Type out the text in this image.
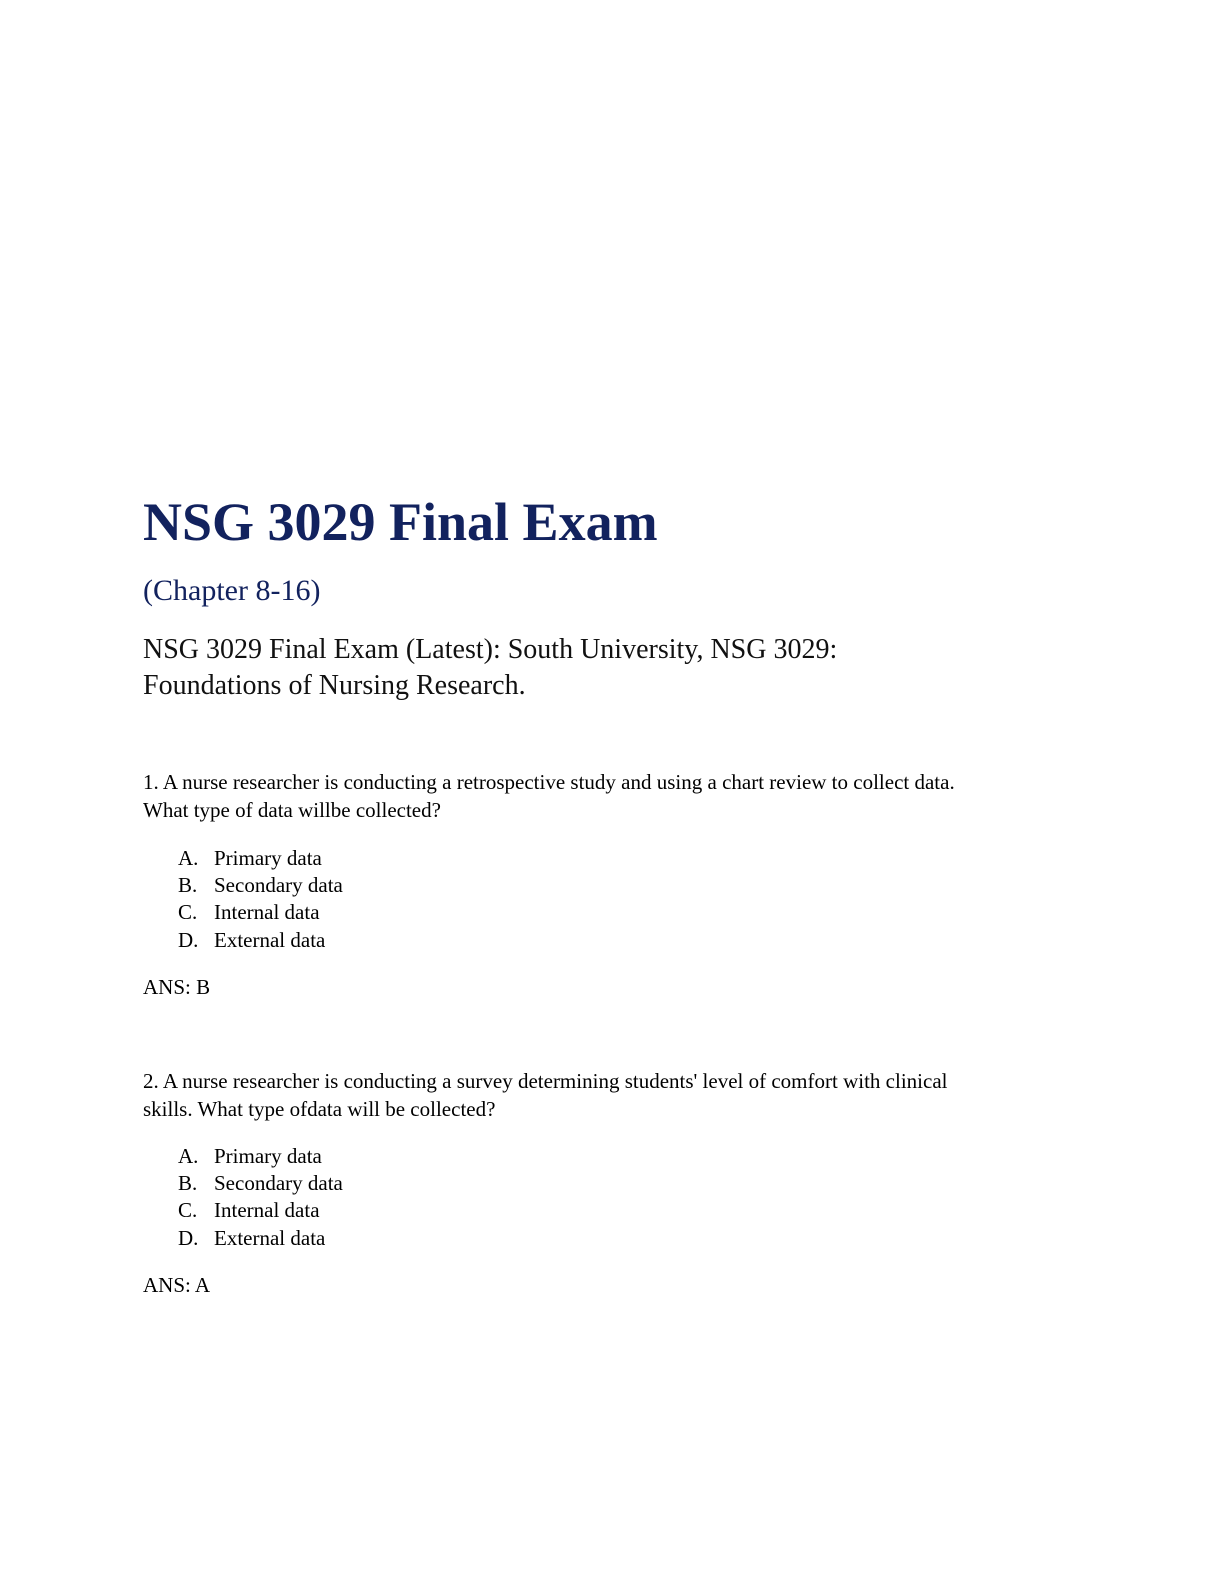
NSG 3029 Final Exam

(Chapter 8-16)

NSG 3029 Final Exam (Latest): South University, NSG 3029:
Foundations of Nursing Research.

1. A nurse researcher is conducting a retrospective study and using a chart review to collect data.
What type of data willbe collected?

A. Primary data
B. Secondary data
C. Internal data
D. External data

ANS: B

2. A nurse researcher is conducting a survey determining students' level of comfort with clinical
skills. What type ofdata will be collected?

A. Primary data
B. Secondary data
C. Internal data
D. External data

ANS: A
